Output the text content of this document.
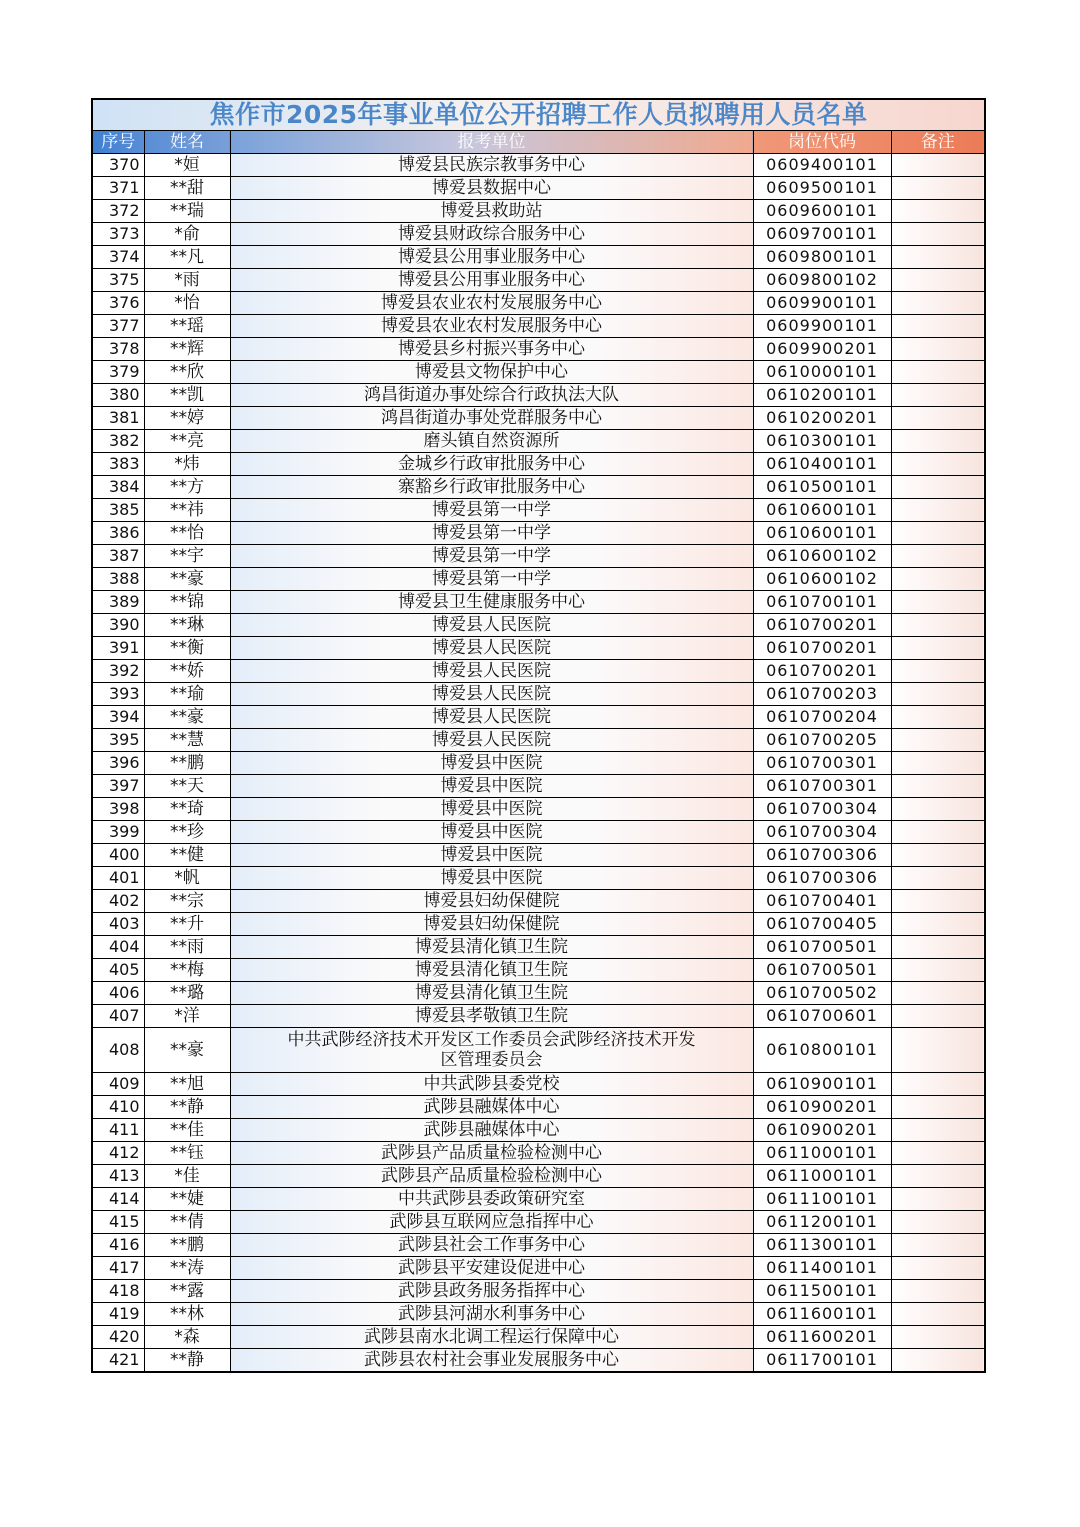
焦作市2025年事业单位公开招聘工作人员拟聘用人员名单				
序号	姓名	报考单位	岗位代码	备注
370	*姮	博爱县民族宗教事务中心	0609400101	
371	**甜	博爱县数据中心	0609500101	
372	**瑞	博爱县救助站	0609600101	
373	*俞	博爱县财政综合服务中心	0609700101	
374	**凡	博爱县公用事业服务中心	0609800101	
375	*雨	博爱县公用事业服务中心	0609800102	
376	*怡	博爱县农业农村发展服务中心	0609900101	
377	**瑶	博爱县农业农村发展服务中心	0609900101	
378	**辉	博爱县乡村振兴事务中心	0609900201	
379	**欣	博爱县文物保护中心	0610000101	
380	**凯	鸿昌街道办事处综合行政执法大队	0610200101	
381	**婷	鸿昌街道办事处党群服务中心	0610200201	
382	**亮	磨头镇自然资源所	0610300101	
383	*炜	金城乡行政审批服务中心	0610400101	
384	**方	寨豁乡行政审批服务中心	0610500101	
385	**祎	博爱县第一中学	0610600101	
386	**怡	博爱县第一中学	0610600101	
387	**宇	博爱县第一中学	0610600102	
388	**豪	博爱县第一中学	0610600102	
389	**锦	博爱县卫生健康服务中心	0610700101	
390	**琳	博爱县人民医院	0610700201	
391	**衡	博爱县人民医院	0610700201	
392	**娇	博爱县人民医院	0610700201	
393	**瑜	博爱县人民医院	0610700203	
394	**豪	博爱县人民医院	0610700204	
395	**慧	博爱县人民医院	0610700205	
396	**鹏	博爱县中医院	0610700301	
397	**天	博爱县中医院	0610700301	
398	**琦	博爱县中医院	0610700304	
399	**珍	博爱县中医院	0610700304	
400	**健	博爱县中医院	0610700306	
401	*帆	博爱县中医院	0610700306	
402	**宗	博爱县妇幼保健院	0610700401	
403	**升	博爱县妇幼保健院	0610700405	
404	**雨	博爱县清化镇卫生院	0610700501	
405	**梅	博爱县清化镇卫生院	0610700501	
406	**璐	博爱县清化镇卫生院	0610700502	
407	*洋	博爱县孝敬镇卫生院	0610700601	
408	**豪	中共武陟经济技术开发区工作委员会武陟经济技术开发
区管理委员会	0610800101	
409	**旭	中共武陟县委党校	0610900101	
410	**静	武陟县融媒体中心	0610900201	
411	**佳	武陟县融媒体中心	0610900201	
412	**钰	武陟县产品质量检验检测中心	0611000101	
413	*佳	武陟县产品质量检验检测中心	0611000101	
414	**婕	中共武陟县委政策研究室	0611100101	
415	**倩	武陟县互联网应急指挥中心	0611200101	
416	**鹏	武陟县社会工作事务中心	0611300101	
417	**涛	武陟县平安建设促进中心	0611400101	
418	**露	武陟县政务服务指挥中心	0611500101	
419	**林	武陟县河湖水利事务中心	0611600101	
420	*森	武陟县南水北调工程运行保障中心	0611600201	
421	**静	武陟县农村社会事业发展服务中心	0611700101	
